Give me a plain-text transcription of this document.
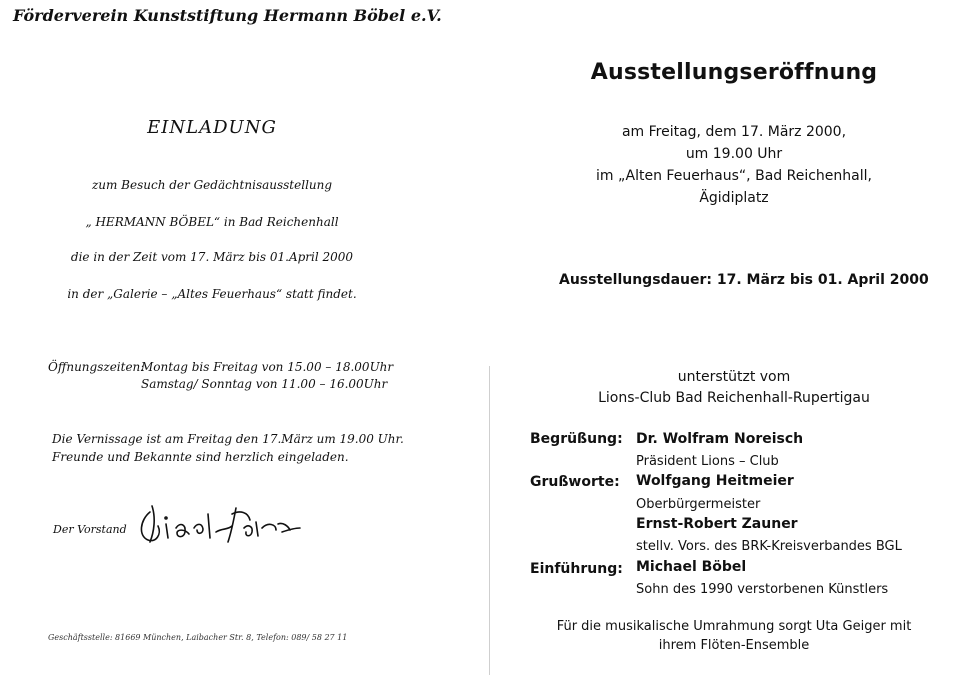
Förderverein Kunststiftung Hermann Böbel e.V.
EINLADUNG
zum Besuch der Gedächtnisausstellung
„ HERMANN BÖBEL“ in Bad Reichenhall
die in der Zeit vom 17. März bis 01.April 2000
in der „Galerie – „Altes Feuerhaus“ statt findet.
Öffnungszeiten:
Montag bis Freitag von 15.00 – 18.00Uhr
Samstag/ Sonntag von 11.00 – 16.00Uhr
Die Vernissage ist am Freitag den 17.März um 19.00 Uhr.
Freunde und Bekannte sind herzlich eingeladen.
Der Vorstand
Geschäftsstelle: 81669 München, Laibacher Str. 8, Telefon: 089/ 58 27 11
Ausstellungseröffnung
am Freitag, dem 17. März 2000,
um 19.00 Uhr
im „Alten Feuerhaus“, Bad Reichenhall,
Ägidiplatz
Ausstellungsdauer: 17. März bis 01. April 2000
unterstützt vom
Lions-Club Bad Reichenhall-Rupertigau
Begrüßung: Dr. Wolfram Noreisch
Präsident Lions – Club
Grußworte: Wolfgang Heitmeier
Oberbürgermeister
Ernst-Robert Zauner
stellv. Vors. des BRK-Kreisverbandes BGL
Einführung: Michael Böbel
Sohn des 1990 verstorbenen Künstlers
Für die musikalische Umrahmung sorgt Uta Geiger mit
ihrem Flöten-Ensemble
